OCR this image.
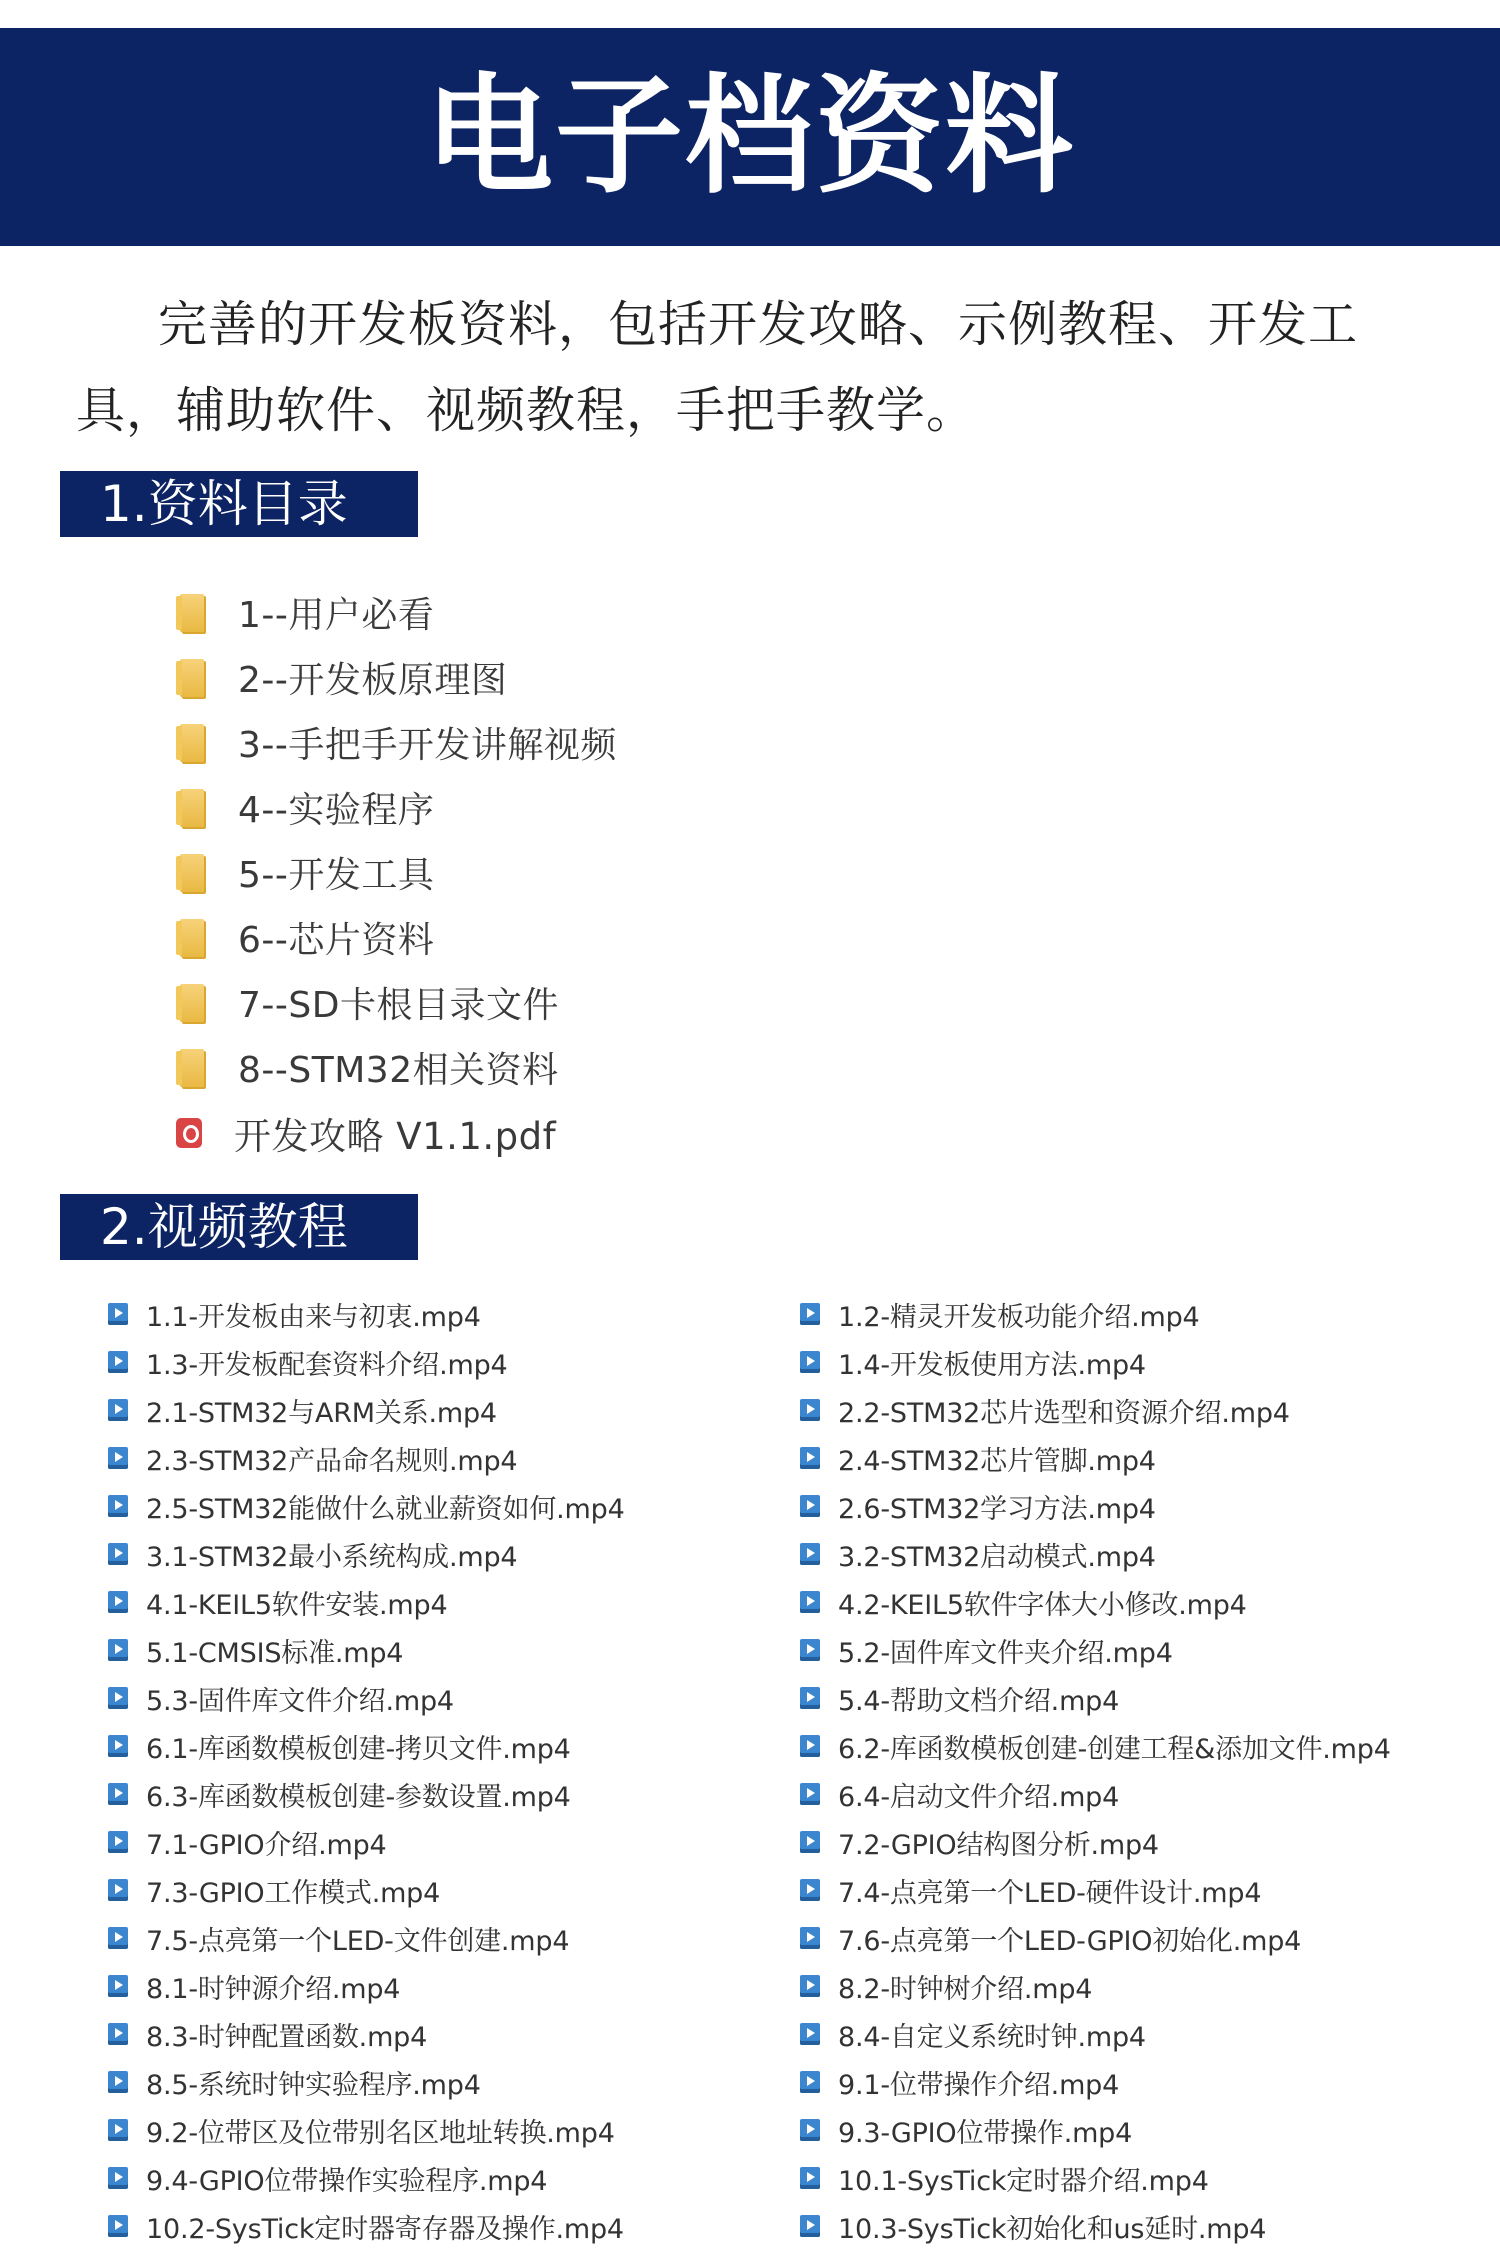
电子档资料
完善的开发板资料，包括开发攻略、示例教程、开发工具，辅助软件、视频教程，手把手教学。
1.资料目录
1--用户必看
2--开发板原理图
3--手把手开发讲解视频
4--实验程序
5--开发工具
6--芯片资料
7--SD卡根目录文件
8--STM32相关资料
开发攻略 V1.1.pdf
2.视频教程
1.1-开发板由来与初衷.mp4	1.2-精灵开发板功能介绍.mp4
1.3-开发板配套资料介绍.mp4	1.4-开发板使用方法.mp4
2.1-STM32与ARM关系.mp4	2.2-STM32芯片选型和资源介绍.mp4
2.3-STM32产品命名规则.mp4	2.4-STM32芯片管脚.mp4
2.5-STM32能做什么就业薪资如何.mp4	2.6-STM32学习方法.mp4
3.1-STM32最小系统构成.mp4	3.2-STM32启动模式.mp4
4.1-KEIL5软件安装.mp4	4.2-KEIL5软件字体大小修改.mp4
5.1-CMSIS标准.mp4	5.2-固件库文件夹介绍.mp4
5.3-固件库文件介绍.mp4	5.4-帮助文档介绍.mp4
6.1-库函数模板创建-拷贝文件.mp4	6.2-库函数模板创建-创建工程&添加文件.mp4
6.3-库函数模板创建-参数设置.mp4	6.4-启动文件介绍.mp4
7.1-GPIO介绍.mp4	7.2-GPIO结构图分析.mp4
7.3-GPIO工作模式.mp4	7.4-点亮第一个LED-硬件设计.mp4
7.5-点亮第一个LED-文件创建.mp4	7.6-点亮第一个LED-GPIO初始化.mp4
8.1-时钟源介绍.mp4	8.2-时钟树介绍.mp4
8.3-时钟配置函数.mp4	8.4-自定义系统时钟.mp4
8.5-系统时钟实验程序.mp4	9.1-位带操作介绍.mp4
9.2-位带区及位带别名区地址转换.mp4	9.3-GPIO位带操作.mp4
9.4-GPIO位带操作实验程序.mp4	10.1-SysTick定时器介绍.mp4
10.2-SysTick定时器寄存器及操作.mp4	10.3-SysTick初始化和us延时.mp4
